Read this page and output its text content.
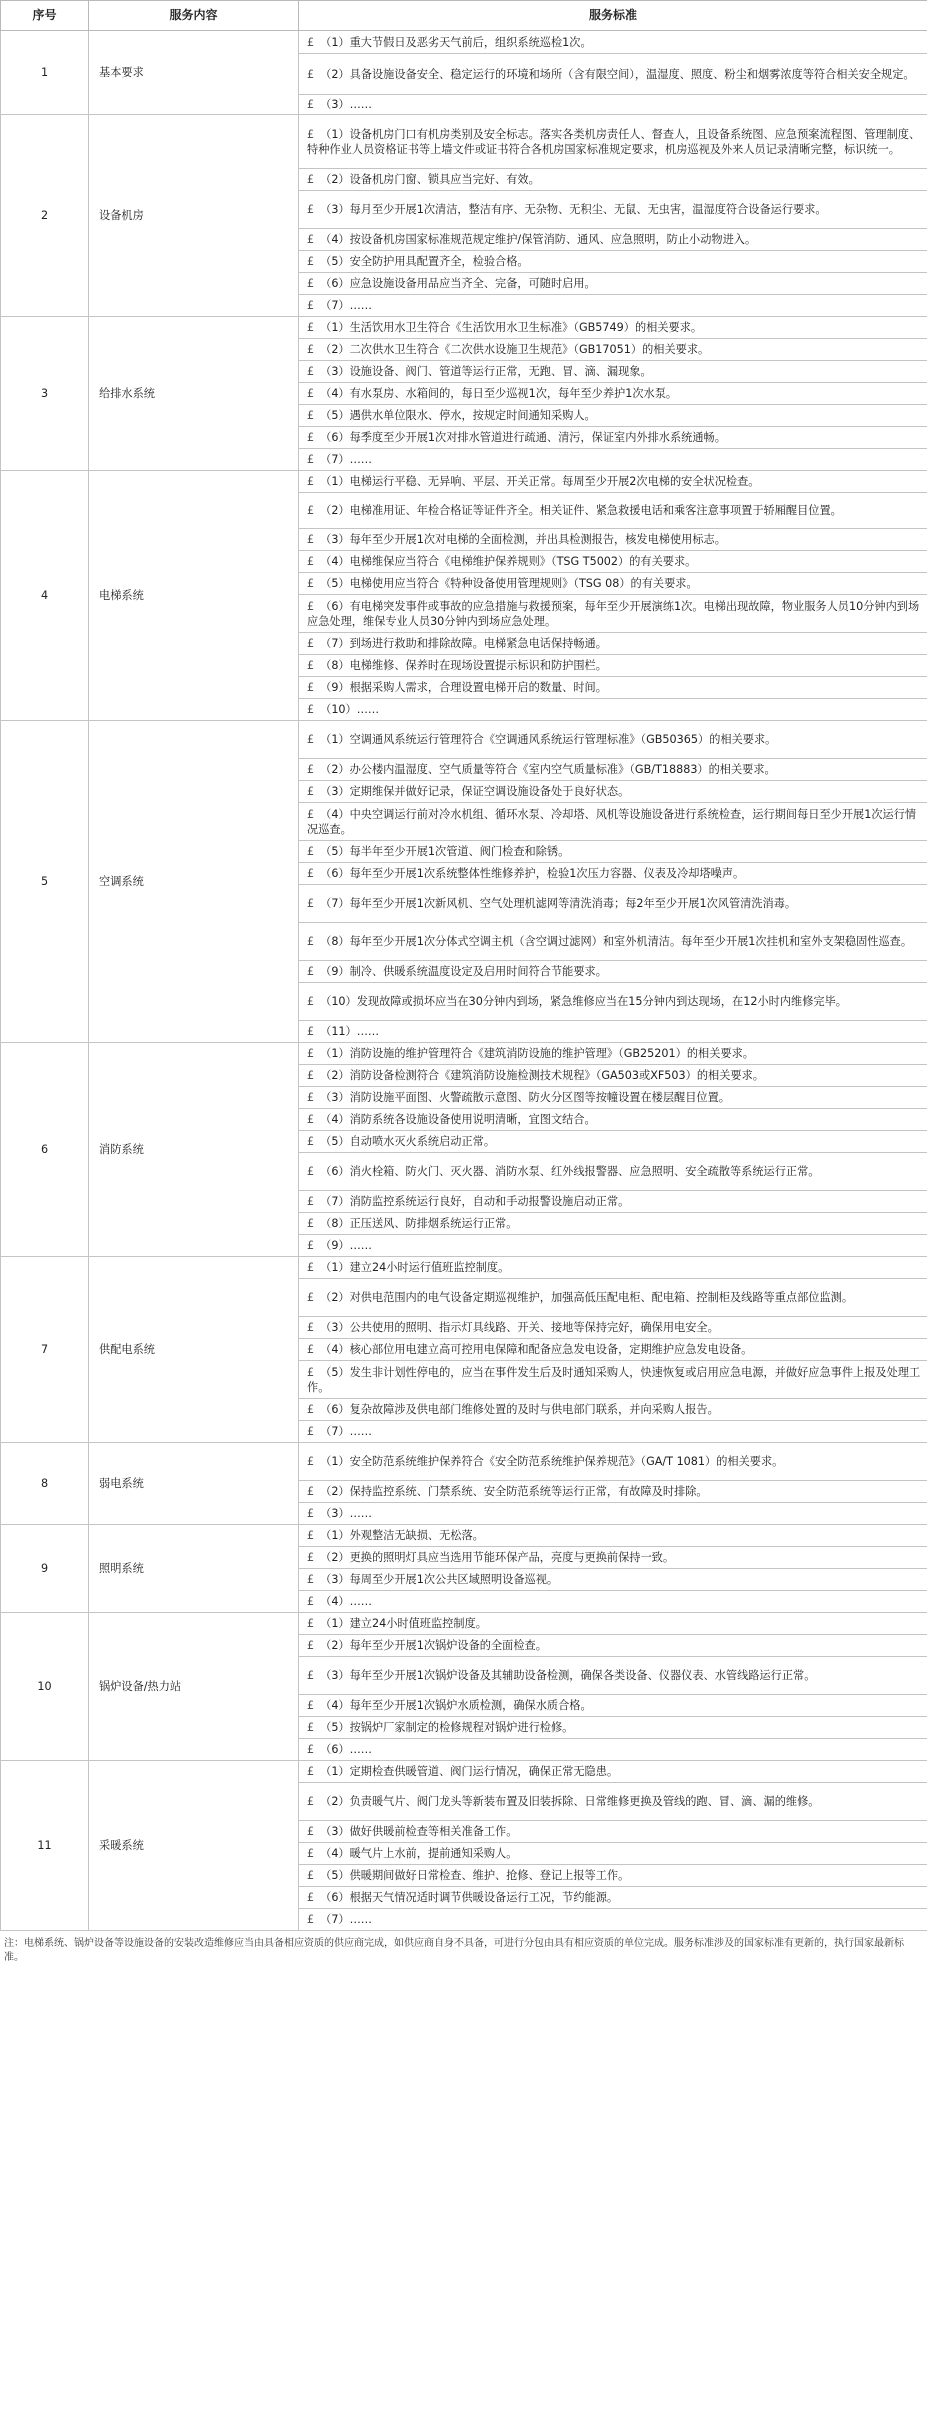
序号	服务内容	服务标准
1	基本要求	£ （1）重大节假日及恶劣天气前后，组织系统巡检1次。
		£ （2）具备设施设备安全、稳定运行的环境和场所（含有限空间），温湿度、照度、粉尘和烟雾浓度等符合相关安全规定。
		£ （3）……
2	设备机房	£ （1）设备机房门口有机房类别及安全标志。落实各类机房责任人、督查人，且设备系统图、应急预案流程图、管理制度、特种作业人员资格证书等上墙文件或证书符合各机房国家标准规定要求，机房巡视及外来人员记录清晰完整，标识统一。
		£ （2）设备机房门窗、锁具应当完好、有效。
		£ （3）每月至少开展1次清洁，整洁有序、无杂物、无积尘、无鼠、无虫害，温湿度符合设备运行要求。
		£ （4）按设备机房国家标准规范规定维护/保管消防、通风、应急照明，防止小动物进入。
		£ （5）安全防护用具配置齐全，检验合格。
		£ （6）应急设施设备用品应当齐全、完备，可随时启用。
		£ （7）……
3	给排水系统	£ （1）生活饮用水卫生符合《生活饮用水卫生标准》（GB5749）的相关要求。
		£ （2）二次供水卫生符合《二次供水设施卫生规范》（GB17051）的相关要求。
		£ （3）设施设备、阀门、管道等运行正常，无跑、冒、滴、漏现象。
		£ （4）有水泵房、水箱间的，每日至少巡视1次，每年至少养护1次水泵。
		£ （5）遇供水单位限水、停水，按规定时间通知采购人。
		£ （6）每季度至少开展1次对排水管道进行疏通、清污，保证室内外排水系统通畅。
		£ （7）……
4	电梯系统	£ （1）电梯运行平稳、无异响、平层、开关正常。每周至少开展2次电梯的安全状况检查。
		£ （2）电梯准用证、年检合格证等证件齐全。相关证件、紧急救援电话和乘客注意事项置于轿厢醒目位置。
		£ （3）每年至少开展1次对电梯的全面检测，并出具检测报告，核发电梯使用标志。
		£ （4）电梯维保应当符合《电梯维护保养规则》（TSG T5002）的有关要求。
		£ （5）电梯使用应当符合《特种设备使用管理规则》（TSG 08）的有关要求。
		£ （6）有电梯突发事件或事故的应急措施与救援预案，每年至少开展演练1次。电梯出现故障，物业服务人员10分钟内到场应急处理，维保专业人员30分钟内到场应急处理。
		£ （7）到场进行救助和排除故障。电梯紧急电话保持畅通。
		£ （8）电梯维修、保养时在现场设置提示标识和防护围栏。
		£ （9）根据采购人需求，合理设置电梯开启的数量、时间。
		£ （10）……
5	空调系统	£ （1）空调通风系统运行管理符合《空调通风系统运行管理标准》（GB50365）的相关要求。
		£ （2）办公楼内温湿度、空气质量等符合《室内空气质量标准》（GB/T18883）的相关要求。
		£ （3）定期维保并做好记录，保证空调设施设备处于良好状态。
		£ （4）中央空调运行前对冷水机组、循环水泵、冷却塔、风机等设施设备进行系统检查，运行期间每日至少开展1次运行情况巡查。
		£ （5）每半年至少开展1次管道、阀门检查和除锈。
		£ （6）每年至少开展1次系统整体性维修养护，检验1次压力容器、仪表及冷却塔噪声。
		£ （7）每年至少开展1次新风机、空气处理机滤网等清洗消毒；每2年至少开展1次风管清洗消毒。
		£ （8）每年至少开展1次分体式空调主机（含空调过滤网）和室外机清洁。每年至少开展1次挂机和室外支架稳固性巡查。
		£ （9）制冷、供暖系统温度设定及启用时间符合节能要求。
		£ （10）发现故障或损坏应当在30分钟内到场，紧急维修应当在15分钟内到达现场，在12小时内维修完毕。
		£ （11）……
6	消防系统	£ （1）消防设施的维护管理符合《建筑消防设施的维护管理》（GB25201）的相关要求。
		£ （2）消防设备检测符合《建筑消防设施检测技术规程》（GA503或XF503）的相关要求。
		£ （3）消防设施平面图、火警疏散示意图、防火分区图等按幢设置在楼层醒目位置。
		£ （4）消防系统各设施设备使用说明清晰，宜图文结合。
		£ （5）自动喷水灭火系统启动正常。
		£ （6）消火栓箱、防火门、灭火器、消防水泵、红外线报警器、应急照明、安全疏散等系统运行正常。
		£ （7）消防监控系统运行良好，自动和手动报警设施启动正常。
		£ （8）正压送风、防排烟系统运行正常。
		£ （9）……
7	供配电系统	£ （1）建立24小时运行值班监控制度。
		£ （2）对供电范围内的电气设备定期巡视维护，加强高低压配电柜、配电箱、控制柜及线路等重点部位监测。
		£ （3）公共使用的照明、指示灯具线路、开关、接地等保持完好，确保用电安全。
		£ （4）核心部位用电建立高可控用电保障和配备应急发电设备，定期维护应急发电设备。
		£ （5）发生非计划性停电的，应当在事件发生后及时通知采购人，快速恢复或启用应急电源，并做好应急事件上报及处理工作。
		£ （6）复杂故障涉及供电部门维修处置的及时与供电部门联系，并向采购人报告。
		£ （7）……
8	弱电系统	£ （1）安全防范系统维护保养符合《安全防范系统维护保养规范》（GA/T 1081）的相关要求。
		£ （2）保持监控系统、门禁系统、安全防范系统等运行正常，有故障及时排除。
		£ （3）……
9	照明系统	£ （1）外观整洁无缺损、无松落。
		£ （2）更换的照明灯具应当选用节能环保产品，亮度与更换前保持一致。
		£ （3）每周至少开展1次公共区域照明设备巡视。
		£ （4）……
10	锅炉设备/热力站	£ （1）建立24小时值班监控制度。
		£ （2）每年至少开展1次锅炉设备的全面检查。
		£ （3）每年至少开展1次锅炉设备及其辅助设备检测，确保各类设备、仪器仪表、水管线路运行正常。
		£ （4）每年至少开展1次锅炉水质检测，确保水质合格。
		£ （5）按锅炉厂家制定的检修规程对锅炉进行检修。
		£ （6）……
11	采暖系统	£ （1）定期检查供暖管道、阀门运行情况，确保正常无隐患。
		£ （2）负责暖气片、阀门龙头等新装布置及旧装拆除、日常维修更换及管线的跑、冒、滴、漏的维修。
		£ （3）做好供暖前检查等相关准备工作。
		£ （4）暖气片上水前，提前通知采购人。
		£ （5）供暖期间做好日常检查、维护、抢修、登记上报等工作。
		£ （6）根据天气情况适时调节供暖设备运行工况，节约能源。
		£ （7）……
注：电梯系统、锅炉设备等设施设备的安装改造维修应当由具备相应资质的供应商完成，如供应商自身不具备，可进行分包由具有相应资质的单位完成。服务标准涉及的国家标准有更新的，执行国家最新标准。
